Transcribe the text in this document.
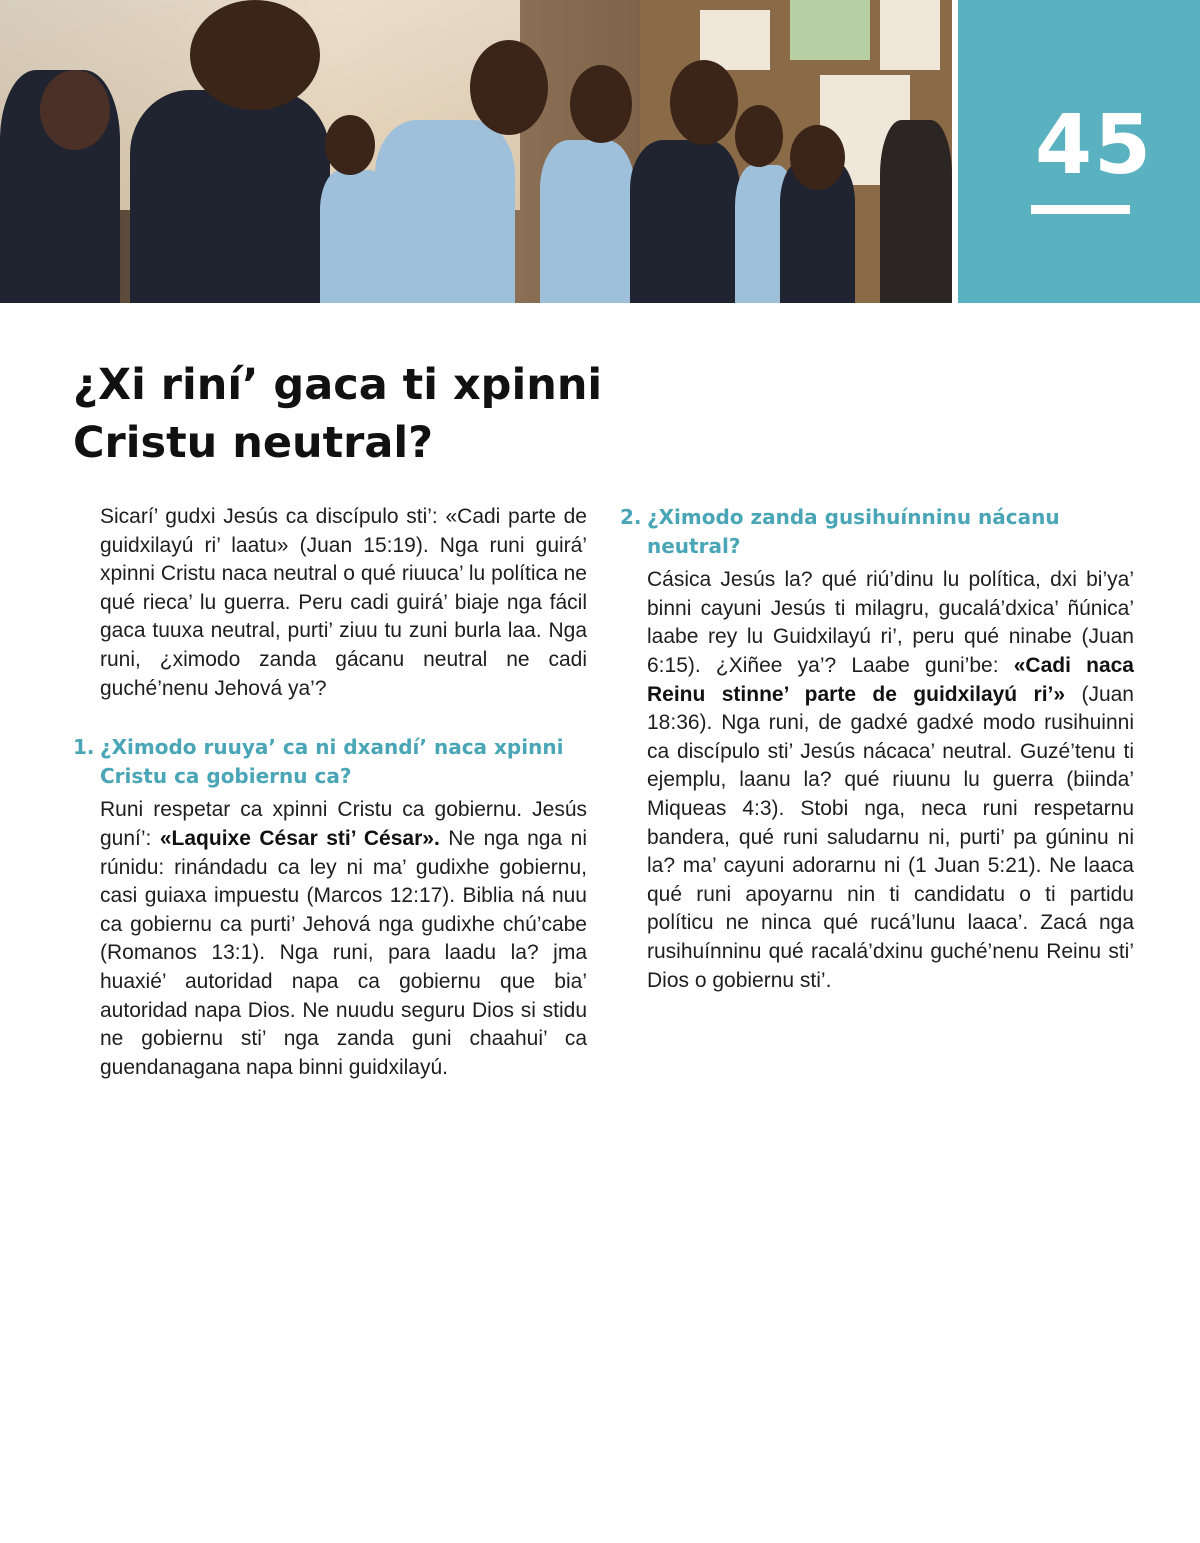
45
¿Xi riní’ gaca ti xpinni
Cristu neutral?

Sicarí’ gudxi Jesús ca discípulo sti’: «Cadi parte de guidxilayú ri’ laatu» (Juan 15:19). Nga runi guirá’ xpinni Cristu naca neutral o qué riuuca’ lu política ne qué rieca’ lu guerra. Peru cadi guirá’ biaje nga fácil gaca tuuxa neutral, purti’ ziuu tu zuni burla laa. Nga runi, ¿ximodo zanda gácanu neutral ne cadi guché’nenu Jehová ya’?

1. ¿Ximodo ruuya’ ca ni dxandí’ naca xpinni Cristu ca gobiernu ca?

Runi respetar ca xpinni Cristu ca gobiernu. Jesús guní’: «Laquixe César sti’ César». Ne nga nga ni rúnidu: rinándadu ca ley ni ma’ gudixhe gobiernu, casi guiaxa impuestu (Marcos 12:17). Biblia ná nuu ca gobiernu ca purti’ Jehová nga gudixhe chú’cabe (Romanos 13:1). Nga runi, para laadu la? jma huaxié’ autoridad napa ca gobiernu que bia’ autoridad napa Dios. Ne nuudu seguru Dios si stidu ne gobiernu sti’ nga zanda guni chaahui’ ca guendanagana napa binni guidxilayú.

2. ¿Ximodo zanda gusihuínninu nácanu neutral?

Cásica Jesús la? qué riú’dinu lu política, dxi bi’ya’ binni cayuni Jesús ti milagru, gucalá’dxica’ ñúnica’ laabe rey lu Guidxilayú ri’, peru qué ninabe (Juan 6:15). ¿Xiñee ya’? Laabe guni’be: «Cadi naca Reinu stinne’ parte de guidxilayú ri’» (Juan 18:36). Nga runi, de gadxé gadxé modo rusihuinni ca discípulo sti’ Jesús nácaca’ neutral. Guzé’tenu ti ejemplu, laanu la? qué riuunu lu guerra (biinda’ Miqueas 4:3). Stobi nga, neca runi respetarnu bandera, qué runi saludarnu ni, purti’ pa gúninu ni la? ma’ cayuni adorarnu ni (1 Juan 5:21). Ne laaca qué runi apoyarnu nin ti candidatu o ti partidu políticu ne ninca qué rucá’lunu laaca’. Zacá nga rusihuínninu qué racalá’dxinu guché’nenu Reinu sti’ Dios o gobiernu sti’.
